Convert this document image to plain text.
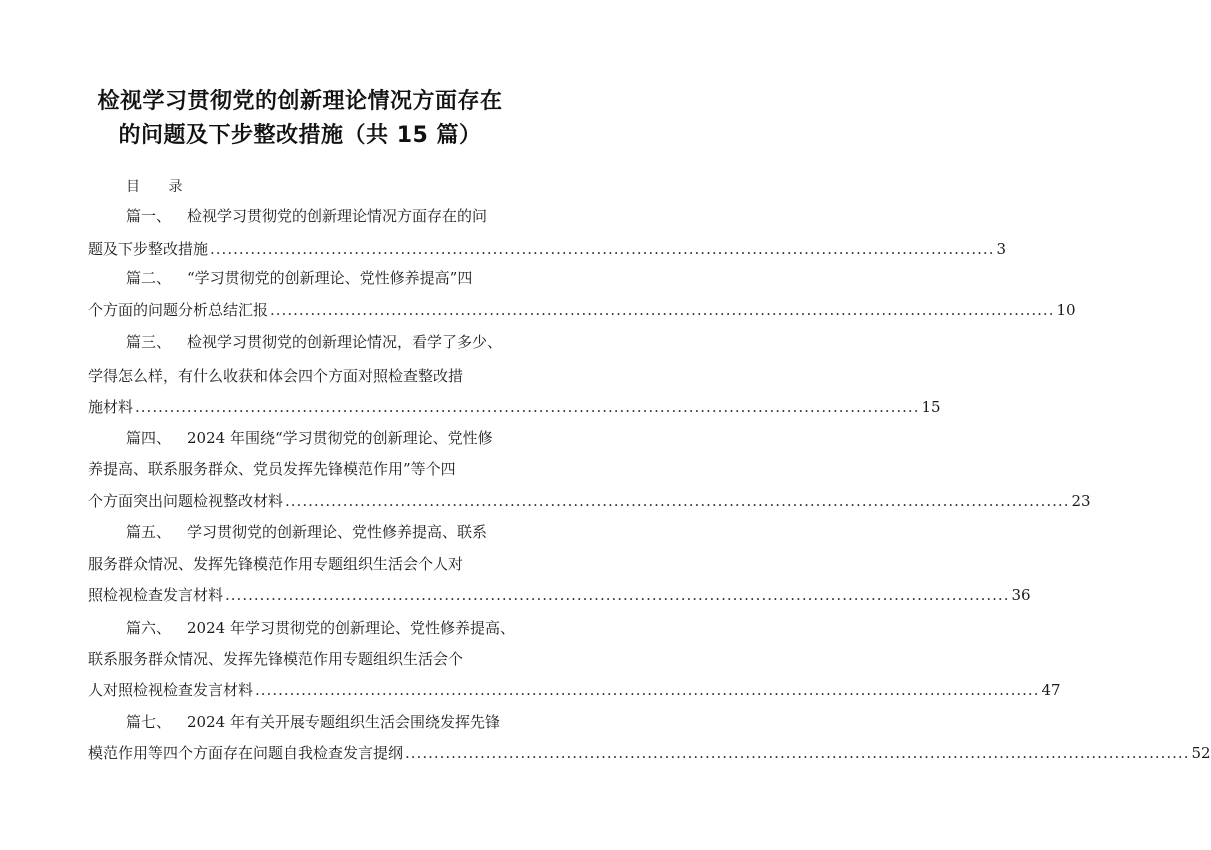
检视学习贯彻党的创新理论情况方面存在
的问题及下步整改措施（共 15 篇）
目 录
篇一、 检视学习贯彻党的创新理论情况方面存在的问
题及下步整改措施 ........................................................................................................................................ 3
篇二、 “学习贯彻党的创新理论、党性修养提高”四
个方面的问题分析总结汇报 ........................................................................................................................................ 10
篇三、 检视学习贯彻党的创新理论情况，看学了多少、
学得怎么样，有什么收获和体会四个方面对照检查整改措
施材料 ........................................................................................................................................ 15
篇四、 2024 年围绕“学习贯彻党的创新理论、党性修
养提高、联系服务群众、党员发挥先锋模范作用”等个四
个方面突出问题检视整改材料 ........................................................................................................................................ 23
篇五、 学习贯彻党的创新理论、党性修养提高、联系
服务群众情况、发挥先锋模范作用专题组织生活会个人对
照检视检查发言材料 ........................................................................................................................................ 36
篇六、 2024 年学习贯彻党的创新理论、党性修养提高、
联系服务群众情况、发挥先锋模范作用专题组织生活会个
人对照检视检查发言材料 ........................................................................................................................................ 47
篇七、 2024 年有关开展专题组织生活会围绕发挥先锋
模范作用等四个方面存在问题自我检查发言提纲 ........................................................................................................................................ 52
